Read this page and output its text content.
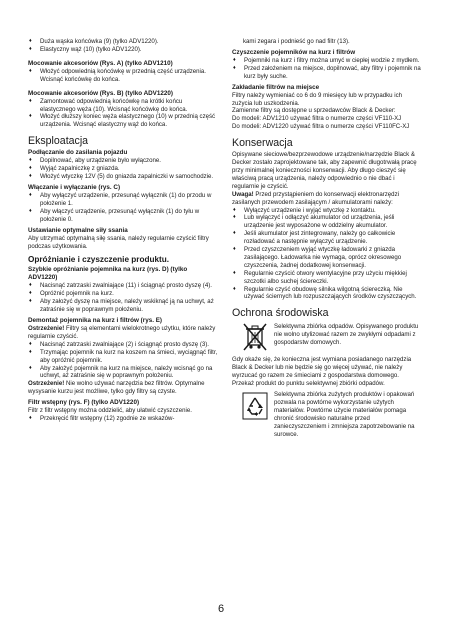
♦	Duża wąska końcówka (9) (tylko ADV1220).
♦	Elastyczny wąż (10) (tylko ADV1220).

Mocowanie akcesoriów (Rys. A) (tylko ADV1210)

♦	Włożyć odpowiednią końcówkę w przednią część urządzenia. Wcisnąć końcówkę do końca.

Mocowanie akcesoriów (Rys. B) (tylko ADV1220)

♦	Zamontować odpowiednią końcówkę na krótki końcu elastycznego węża (10). Wcisnąć końcówkę do końca.
♦	Włożyć dłuższy koniec węża elastycznego (10) w przednią część urządzenia. Wcisnąć elastyczny wąż do końca.
Eksploatacja

Podłączanie do zasilania pojazdu

♦	Dopilnować, aby urządzenie było wyłączone.
♦	Wyjąć zapalniczkę z gniazda.
♦	Włożyć wtyczkę 12V (5) do gniazda zapalniczki w samochodzie.

Włączanie i wyłączanie (rys. C)

♦	Aby wyłączyć urządzenie, przesunąć wyłącznik (1) do przodu w położenie 1.
♦	Aby włączyć urządzenie, przesunąć wyłącznik (1) do tyłu w położenie 0.

Ustawianie optymalne siły ssania

Aby utrzymać optymalną siłę ssania, należy regularnie czyścić filtry podczas użytkowania.

Opróżnianie i czyszczenie produktu.

Szybkie opróżnianie pojemnika na kurz (rys. D) (tylko ADV1220)

♦	Nacisnąć zatrzaski zwalniające (11) i ściągnąć prosto dyszę (4).
♦	Opróżnić pojemnik na kurz.
♦	Aby założyć dyszę na miejsce, należy wskiknąć ją na uchwyt, aż zatraśnie się w poprawnym położeniu.

Demontaż pojemnika na kurz i filtrów (rys. E)

Ostrzeżenie! Filtry są elementami wielokrotnego użytku, które należy regularnie czyścić.

♦	Nacisnąć zatrzaski zwalniające (2) i ściągnąć prosto dyszę (3).
♦	Trzymając pojemnik na kurz na koszem na śmieci, wyciągnąć filtr, aby opróżnić pojemnik.
♦	Aby założyć pojemnik na kurz na miejsce, należy wcisnąć go na uchwyt, aż zatraśnie się w poprawnym położeniu.

Ostrzeżenie! Nie wolno używać narzędzia bez filtrów. Optymalne wysysanie kurzu jest możliwe, tylko gdy filtry są czyste.

Filtr wstępny (rys. F) (tylko ADV1220)

Filtr z filtr wstępny można oddzielić, aby ułatwić czyszczenie.

♦	Przekręcić filtr wstępny (12) zgodnie ze wskazów-

kami zegara i podnieść go nad filtr (13).

Czyszczenie pojemników na kurz i filtrów

♦	Pojemniki na kurz i filtry można umyć w ciepłej wodzie z mydłem.
♦	Przed założeniem na miejsce, dopilnować, aby filtry i pojemnik na kurz były suche.

Zakładanie filtrów na miejsce

Filtry należy wymieniać co 6 do 9 miesięcy lub w przypadku ich zużycia lub uszkodzenia.

Zamienne filtry są dostępne u sprzedawców Black & Decker:

Do modeli: ADV1210 używać filtra o numerze części VF110-XJ

Do modeli: ADV1220 używać filtra o numerze części VF110FC-XJ

Konserwacja

Opisywane sieciowe/bezprzewodowe urządzenie/narzędzie Black & Decker zostało zaprojektowane tak, aby zapewnić długotrwałą pracę przy minimalnej konieczności konserwacji. Aby długo cieszyć się właściwą pracą urządzenia, należy odpowiednio o nie dbać i regularnie je czyścić.

Uwaga! Przed przystąpieniem do konserwacji elektronarzędzi zasilanych przewodem zasilającym / akumulatorami należy:

♦	Wyłączyć urządzenie i wyjąć wtyczkę z kontaktu.
♦	Lub wyłączyć i odłączyć akumulator od urządzenia, jeśli urządzenie jest wyposażone w oddzielny akumulator.
♦	Jeśli akumulator jest zintegrowany, należy go całkowicie rozładować a następnie wyłączyć urządzenie.
♦	Przed czyszczeniem wyjąć wtyczkę ładowarki z gniazda zasilającego. Ładowarka nie wymaga, oprócz okresowego czyszczenia, żadnej dodatkowej konserwacji.
♦	Regularnie czyścić otwory wentylacyjne przy użyciu miękkiej szczotki albo suchej ściereczki.
♦	Regularnie czyść obudowę silnika wilgotną ściereczką. Nie używać ściernych lub rozpuszczających środków czyszczących.
Ochrona środowiska
Selektywna zbiórka odpadów. Opisywanego produktu nie wolno utylizować razem ze zwykłymi odpadami z gospodarstw domowych.

Gdy okaże się, że konieczna jest wymiana posiadanego narzędzia Black & Decker lub nie będzie się go więcej używać, nie należy wyrzucać go razem ze śmieciami z gospodarstwa domowego. Przekaż produkt do punktu selektywnej zbiórki odpadów.

Selektywna zbiórka zużytych produktów i opakowań pozwala na powtórne wykorzystanie użytych materiałów. Powtórne użycie materiałów pomaga chronić środowisko naturalne przed zanieczyszczeniem i zmniejsza zapotrzebowanie na surowce.
6
